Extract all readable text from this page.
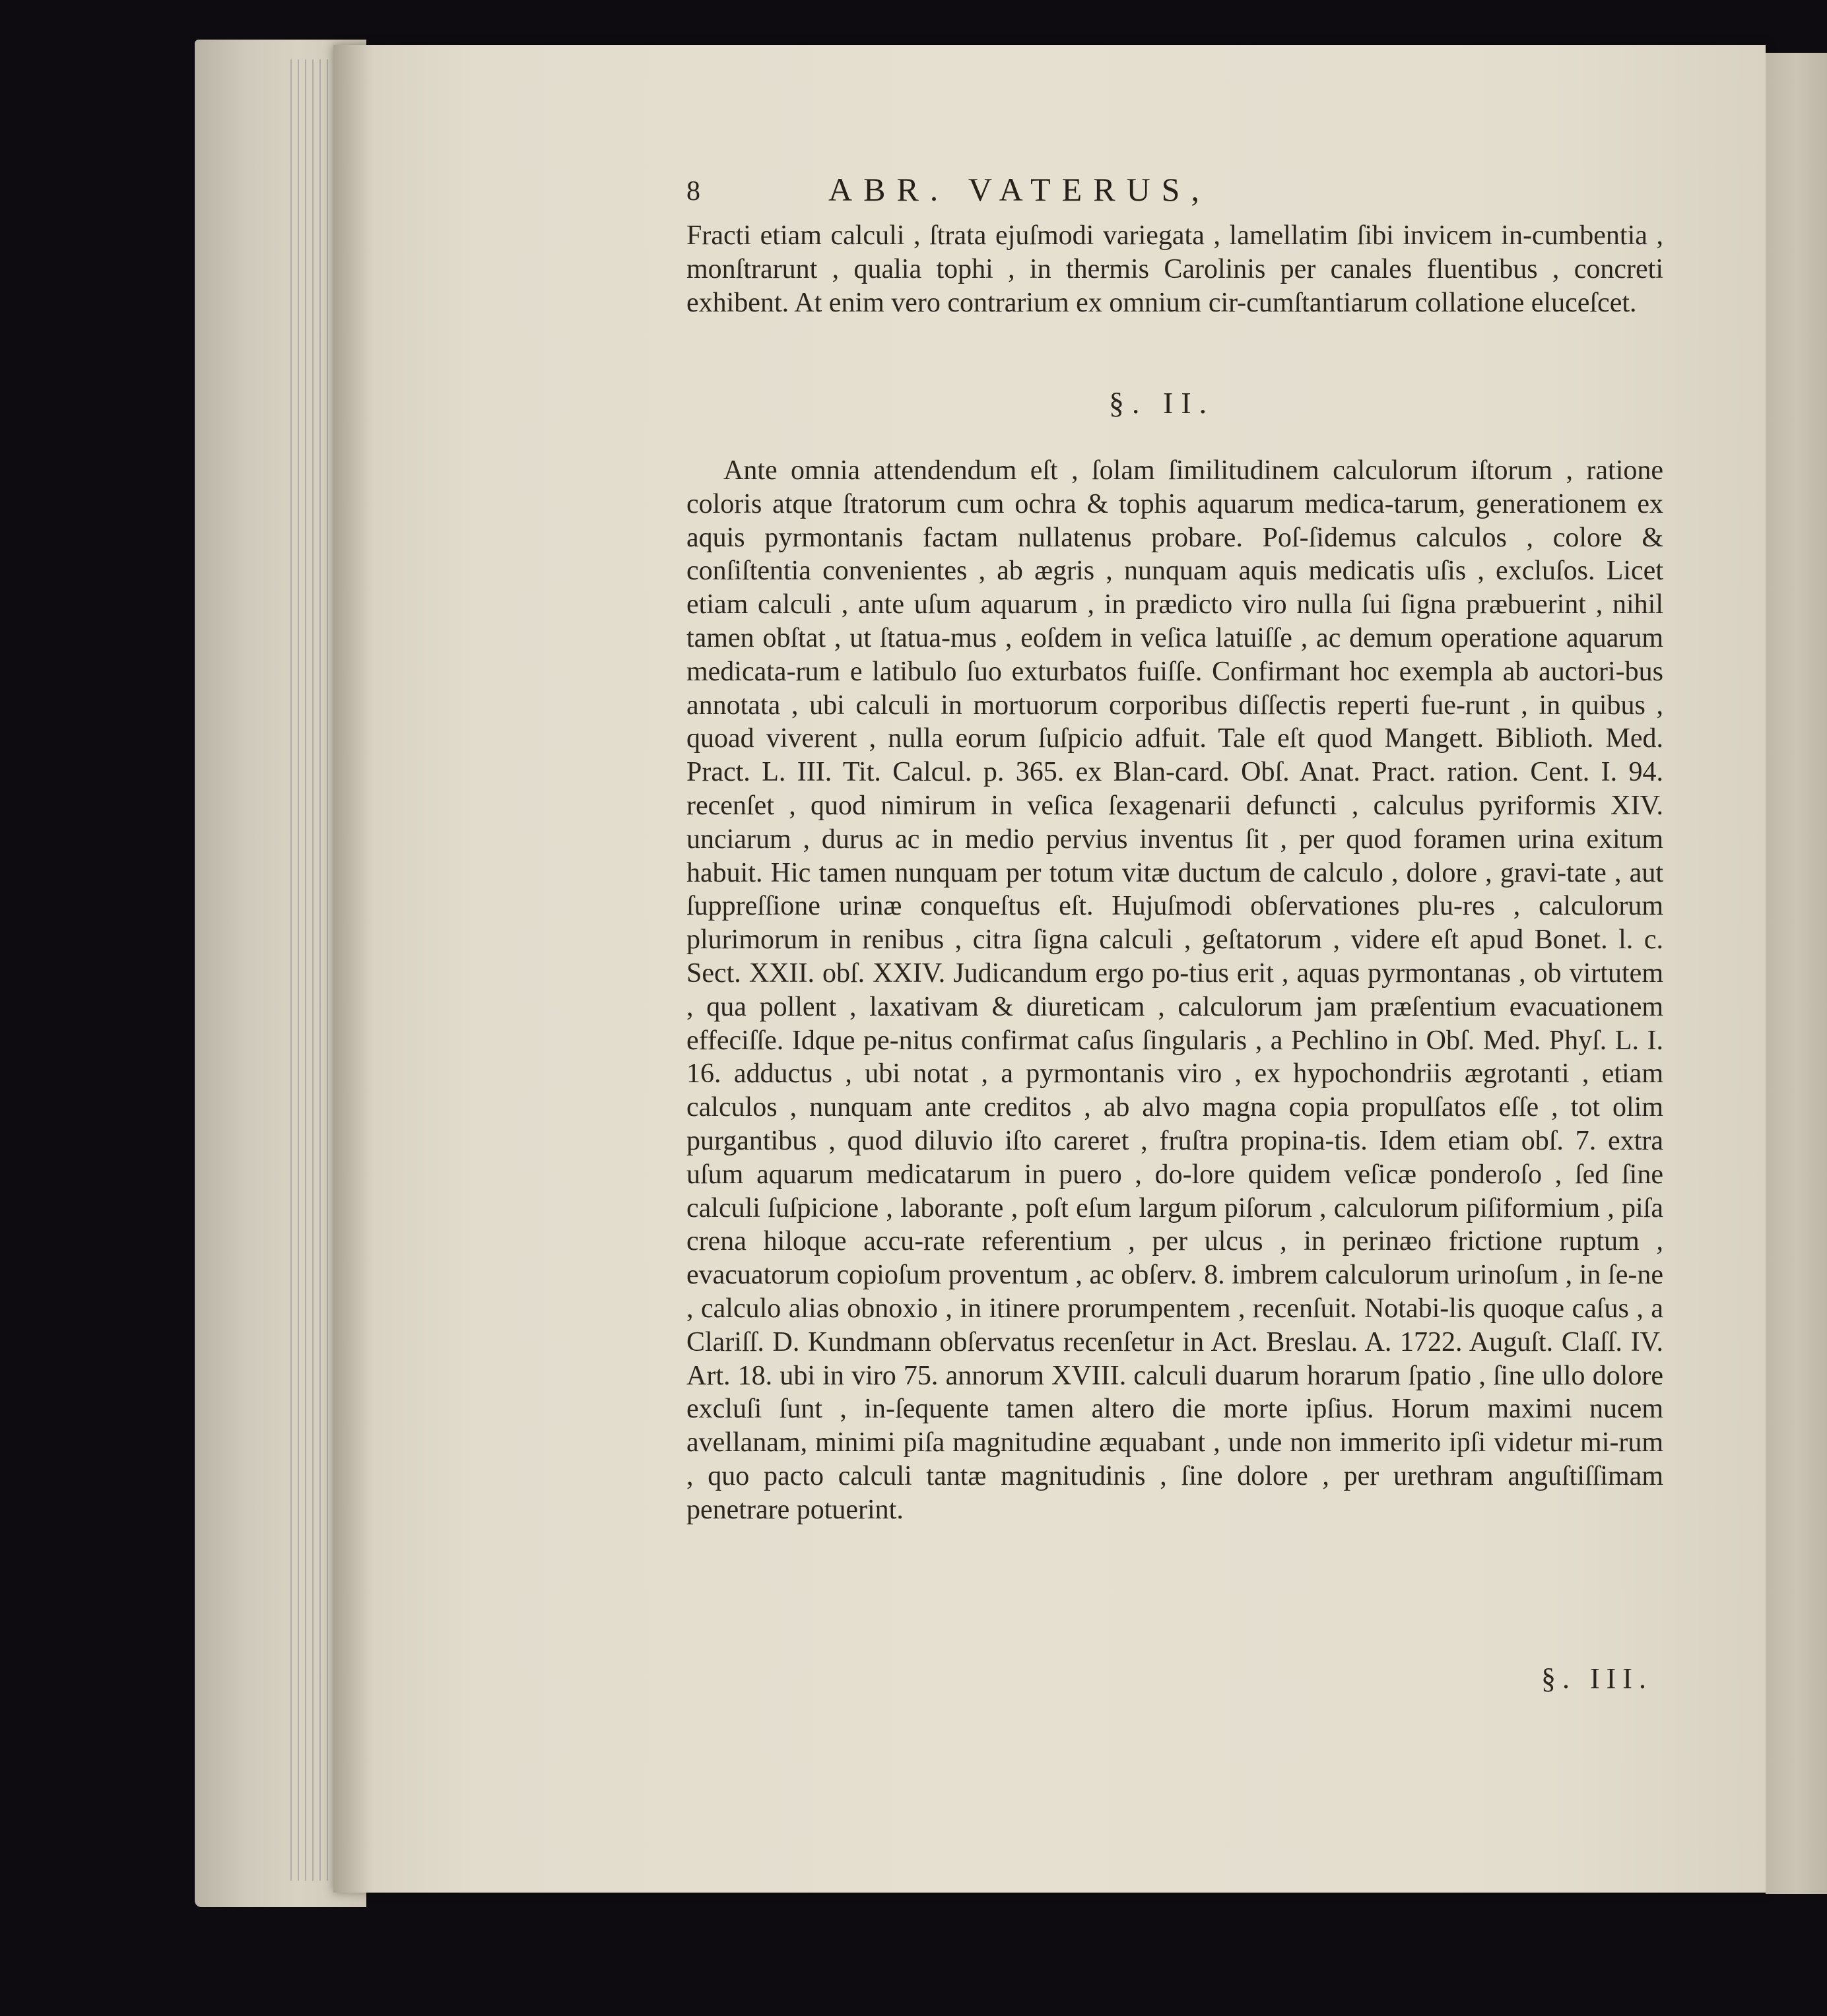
8	ABR. VATERUS,

Fracti etiam calculi , ſtrata ejuſmodi variegata , lamellatim ſibi invicem in-cumbentia , monſtrarunt , qualia tophi , in thermis Carolinis per canales fluentibus , concreti exhibent. At enim vero contrarium ex omnium cir-cumſtantiarum collatione eluceſcet.

§. II.

Ante omnia attendendum eſt , ſolam ſimilitudinem calculorum iſtorum , ratione coloris atque ſtratorum cum ochra & tophis aquarum medica-tarum, generationem ex aquis pyrmontanis factam nullatenus probare. Poſ-ſidemus calculos , colore & conſiſtentia convenientes , ab ægris , nunquam aquis medicatis uſis , excluſos. Licet etiam calculi , ante uſum aquarum , in prædicto viro nulla ſui ſigna præbuerint , nihil tamen obſtat , ut ſtatua-mus , eoſdem in veſica latuiſſe , ac demum operatione aquarum medicata-rum e latibulo ſuo exturbatos fuiſſe. Confirmant hoc exempla ab auctori-bus annotata , ubi calculi in mortuorum corporibus diſſectis reperti fue-runt , in quibus , quoad viverent , nulla eorum ſuſpicio adfuit. Tale eſt quod Mangett. Biblioth. Med. Pract. L. III. Tit. Calcul. p. 365. ex Blan-card. Obſ. Anat. Pract. ration. Cent. I. 94. recenſet , quod nimirum in veſica ſexagenarii defuncti , calculus pyriformis XIV. unciarum , durus ac in medio pervius inventus ſit , per quod foramen urina exitum habuit. Hic tamen nunquam per totum vitæ ductum de calculo , dolore , gravi-tate , aut ſuppreſſione urinæ conqueſtus eſt. Hujuſmodi obſervationes plu-res , calculorum plurimorum in renibus , citra ſigna calculi , geſtatorum , videre eſt apud Bonet. l. c. Sect. XXII. obſ. XXIV. Judicandum ergo po-tius erit , aquas pyrmontanas , ob virtutem , qua pollent , laxativam & diureticam , calculorum jam præſentium evacuationem effeciſſe. Idque pe-nitus confirmat caſus ſingularis , a Pechlino in Obſ. Med. Phyſ. L. I. 16. adductus , ubi notat , a pyrmontanis viro , ex hypochondriis ægrotanti , etiam calculos , nunquam ante creditos , ab alvo magna copia propulſatos eſſe , tot olim purgantibus , quod diluvio iſto careret , fruſtra propina-tis. Idem etiam obſ. 7. extra uſum aquarum medicatarum in puero , do-lore quidem veſicæ ponderoſo , ſed ſine calculi ſuſpicione , laborante , poſt eſum largum piſorum , calculorum piſiformium , piſa crena hiloque accu-rate referentium , per ulcus , in perinæo frictione ruptum , evacuatorum copioſum proventum , ac obſerv. 8. imbrem calculorum urinoſum , in ſe-ne , calculo alias obnoxio , in itinere prorumpentem , recenſuit. Notabi-lis quoque caſus , a Clariſſ. D. Kundmann obſervatus recenſetur in Act. Breslau. A. 1722. Auguſt. Claſſ. IV. Art. 18. ubi in viro 75. annorum XVIII. calculi duarum horarum ſpatio , ſine ullo dolore excluſi ſunt , in-ſequente tamen altero die morte ipſius. Horum maximi nucem avellanam, minimi piſa magnitudine æquabant , unde non immerito ipſi videtur mi-rum , quo pacto calculi tantæ magnitudinis , ſine dolore , per urethram anguſtiſſimam penetrare potuerint.

§. III.
